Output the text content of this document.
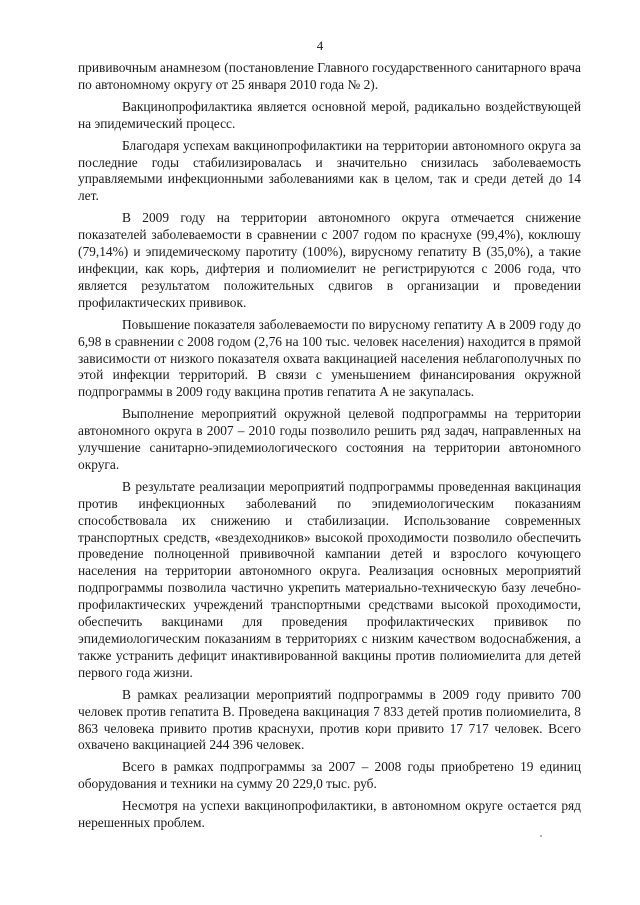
4

прививочным анамнезом (постановление Главного государственного санитарного врача по автономному округу от 25 января 2010 года № 2).

Вакцинопрофилактика является основной мерой, радикально воздействующей на эпидемический процесс.

Благодаря успехам вакцинопрофилактики на территории автономного округа за последние годы стабилизировалась и значительно снизилась заболеваемость управляемыми инфекционными заболеваниями как в целом, так и среди детей до 14 лет.

В 2009 году на территории автономного округа отмечается снижение показателей заболеваемости в сравнении с 2007 годом по краснухе (99,4%), коклюшу (79,14%) и эпидемическому паротиту (100%), вирусному гепатиту В (35,0%), а такие инфекции, как корь, дифтерия и полиомиелит не регистрируются с 2006 года, что является результатом положительных сдвигов в организации и проведении профилактических прививок.

Повышение показателя заболеваемости по вирусному гепатиту А в 2009 году до 6,98 в сравнении с 2008 годом (2,76 на 100 тыс. человек населения) находится в прямой зависимости от низкого показателя охвата вакцинацией населения неблагополучных по этой инфекции территорий. В связи с уменьшением финансирования окружной подпрограммы в 2009 году вакцина против гепатита А не закупалась.

Выполнение мероприятий окружной целевой подпрограммы на территории автономного округа в 2007 – 2010 годы позволило решить ряд задач, направленных на улучшение санитарно-эпидемиологического состояния на территории автономного округа.

В результате реализации мероприятий подпрограммы проведенная вакцинация против инфекционных заболеваний по эпидемиологическим показаниям способствовала их снижению и стабилизации. Использование современных транспортных средств, «вездеходников» высокой проходимости позволило обеспечить проведение полноценной прививочной кампании детей и взрослого кочующего населения на территории автономного округа. Реализация основных мероприятий подпрограммы позволила частично укрепить материально-техническую базу лечебно-профилактических учреждений транспортными средствами высокой проходимости, обеспечить вакцинами для проведения профилактических прививок по эпидемиологическим показаниям в территориях с низким качеством водоснабжения, а также устранить дефицит инактивированной вакцины против полиомиелита для детей первого года жизни.

В рамках реализации мероприятий подпрограммы в 2009 году привито 700 человек против гепатита В. Проведена вакцинация 7 833 детей против полиомиелита, 8 863 человека привито против краснухи, против кори привито 17 717 человек. Всего охвачено вакцинацией 244 396 человек.

Всего в рамках подпрограммы за 2007 – 2008 годы приобретено 19 единиц оборудования и техники на сумму 20 229,0 тыс. руб.

Несмотря на успехи вакцинопрофилактики, в автономном округе остается ряд нерешенных проблем.
